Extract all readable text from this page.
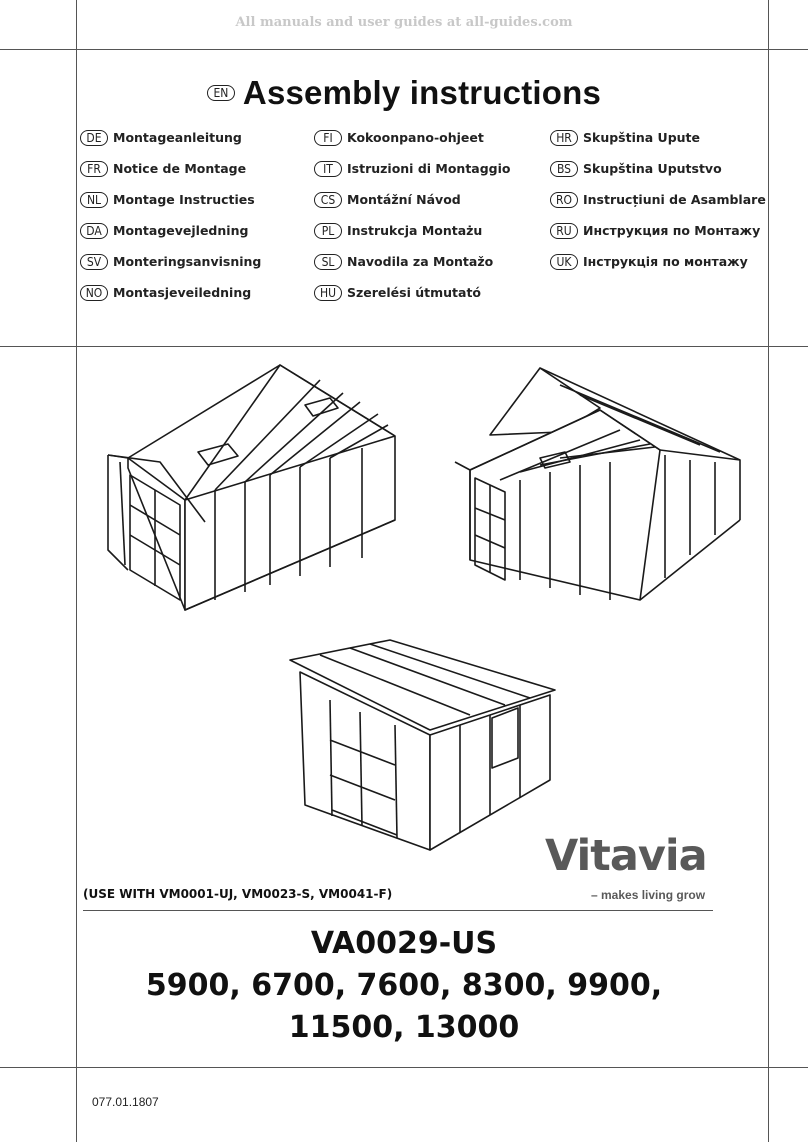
All manuals and user guides at all-guides.com
EN Assembly instructions
DE Montageanleitung
FR Notice de Montage
NL Montage Instructies
DA Montagevejledning
SV Monteringsanvisning
NO Montasjeveiledning
FI	Kokoonpano-ohjeet
IT	Istruzioni di Montaggio
CS Montážní Návod
PL	Instrukcja Montażu
SL	Navodila za Montažo
HU Szerelési útmutató
HR Skupština Upute
BS Skupština Uputstvo
RO Instrucțiuni de Asamblare
RU Инструкция по Монтажу
UK Інструкція по монтажу
(USE WITH VM0001-UJ, VM0023-S, VM0041-F)
Vitavia
– makes living grow
VA0029-US
5900, 6700, 7600, 8300, 9900,
11500, 13000
077.01.1807
